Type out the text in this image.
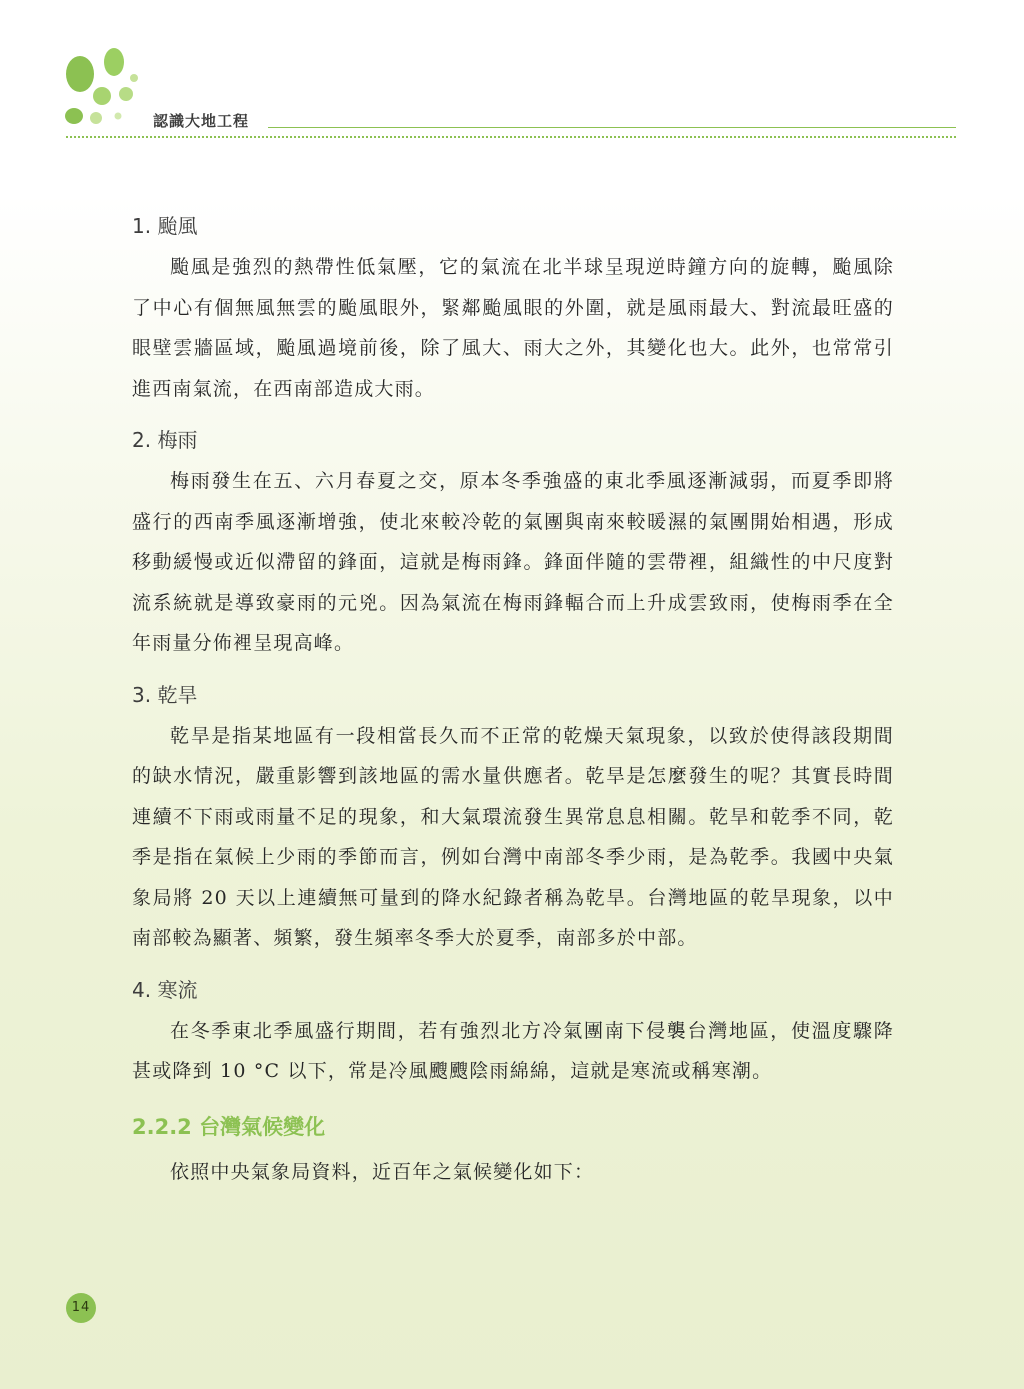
認識大地工程
1. 颱風

颱風是強烈的熱帶性低氣壓，它的氣流在北半球呈現逆時鐘方向的旋轉，颱風除了中心有個無風無雲的颱風眼外，緊鄰颱風眼的外圍，就是風雨最大、對流最旺盛的眼壁雲牆區域，颱風過境前後，除了風大、雨大之外，其變化也大。此外，也常常引進西南氣流，在西南部造成大雨。

2. 梅雨

梅雨發生在五、六月春夏之交，原本冬季強盛的東北季風逐漸減弱，而夏季即將盛行的西南季風逐漸增強，使北來較冷乾的氣團與南來較暖濕的氣團開始相遇，形成移動緩慢或近似滯留的鋒面，這就是梅雨鋒。鋒面伴隨的雲帶裡，組織性的中尺度對流系統就是導致豪雨的元兇。因為氣流在梅雨鋒輻合而上升成雲致雨，使梅雨季在全年雨量分佈裡呈現高峰。

3. 乾旱

乾旱是指某地區有一段相當長久而不正常的乾燥天氣現象，以致於使得該段期間的缺水情況，嚴重影響到該地區的需水量供應者。乾旱是怎麼發生的呢？其實長時間連續不下雨或雨量不足的現象，和大氣環流發生異常息息相關。乾旱和乾季不同，乾季是指在氣候上少雨的季節而言，例如台灣中南部冬季少雨，是為乾季。我國中央氣象局將 20 天以上連續無可量到的降水紀錄者稱為乾旱。台灣地區的乾旱現象，以中南部較為顯著、頻繁，發生頻率冬季大於夏季，南部多於中部。

4. 寒流

在冬季東北季風盛行期間，若有強烈北方冷氣團南下侵襲台灣地區，使溫度驟降甚或降到 10 °C 以下，常是冷風颼颼陰雨綿綿，這就是寒流或稱寒潮。

2.2.2 台灣氣候變化

依照中央氣象局資料，近百年之氣候變化如下：

14
